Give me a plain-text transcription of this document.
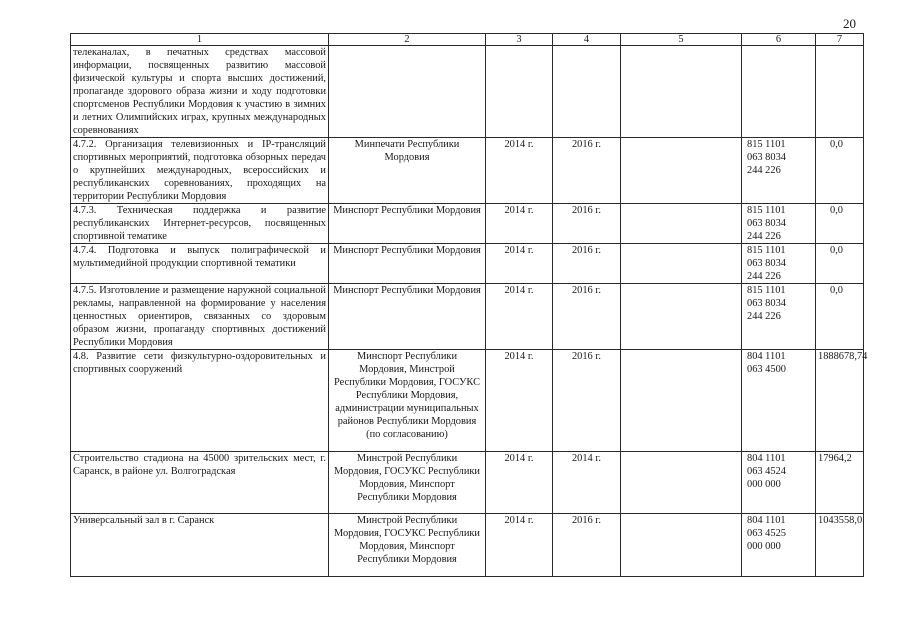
20
1	2	3	4	5	6	7
телеканалах, в печатных средствах массовой информации, посвященных развитию массовой физической культуры и спорта высших достижений, пропаганде здорового образа жизни и ходу подготовки спортсменов Республики Мордовия к участию в зимних и летних Олимпийских играх, крупных международных соревнованиях						
4.7.2. Организация телевизионных и IP-трансляций спортивных мероприятий, подготовка обзорных передач о крупнейших международных, всероссийских и республиканских соревнованиях, проходящих на территории Республики Мордовия	Минпечати Республики Мордовия	2014 г.	2016 г.		815 1101 063 8034 244 226	0,0
4.7.3. Техническая поддержка и развитие республиканских Интернет-ресурсов, посвященных спортивной тематике	Минспорт Республики Мордовия	2014 г.	2016 г.		815 1101 063 8034 244 226	0,0
4.7.4. Подготовка и выпуск полиграфической и мультимедийной продукции спортивной тематики	Минспорт Республики Мордовия	2014 г.	2016 г.		815 1101 063 8034 244 226	0,0
4.7.5. Изготовление и размещение наружной социальной рекламы, направленной на формирование у населения ценностных ориентиров, связанных со здоровым образом жизни, пропаганду спортивных достижений Республики Мордовия	Минспорт Республики Мордовия	2014 г.	2016 г.		815 1101 063 8034 244 226	0,0
4.8. Развитие сети физкультурно-оздоровительных и спортивных сооружений	Минспорт Республики Мордовия, Минстрой Республики Мордовия, ГОСУКС Республики Мордовия, администрации муниципальных районов Республики Мордовия (по согласованию)	2014 г.	2016 г.		804 1101 063 4500	1888678,74
Строительство стадиона на 45000 зрительских мест, г. Саранск, в районе ул. Волгоградская	Минстрой Республики Мордовия, ГОСУКС Республики Мордовия, Минспорт Республики Мордовия	2014 г.	2014 г.		804 1101 063 4524 000 000	17964,2
Универсальный зал в г. Саранск	Минстрой Республики Мордовия, ГОСУКС Республики Мордовия, Минспорт Республики Мордовия	2014 г.	2016 г.		804 1101 063 4525 000 000	1043558,0
